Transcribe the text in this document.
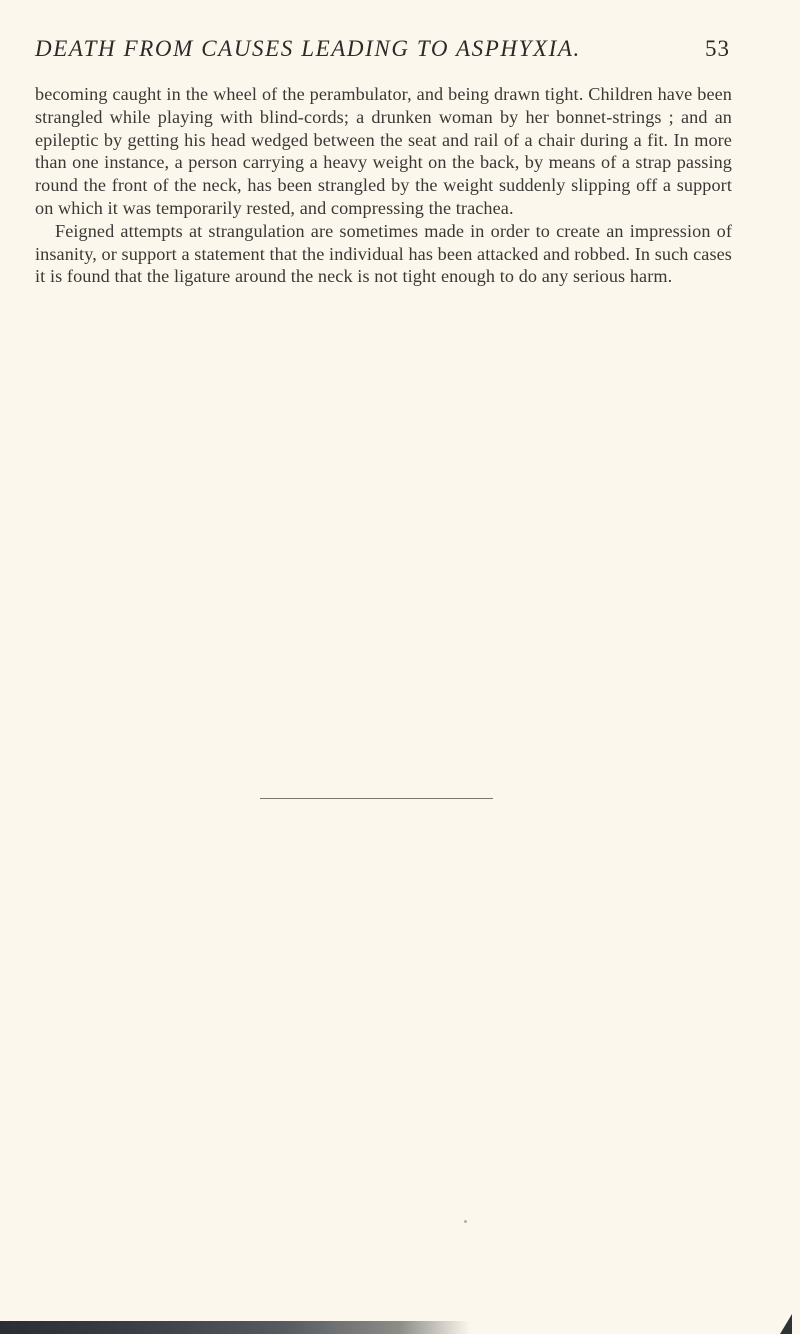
DEATH FROM CAUSES LEADING TO ASPHYXIA.	53

becoming caught in the wheel of the perambulator, and being drawn tight. Children have been strangled while playing with blind-cords; a drunken woman by her bonnet-strings ; and an epileptic by getting his head wedged between the seat and rail of a chair during a fit. In more than one instance, a person carrying a heavy weight on the back, by means of a strap passing round the front of the neck, has been strangled by the weight suddenly slipping off a support on which it was temporarily rested, and compressing the trachea.

Feigned attempts at strangulation are sometimes made in order to create an impression of insanity, or support a statement that the individual has been attacked and robbed. In such cases it is found that the ligature around the neck is not tight enough to do any serious harm.
